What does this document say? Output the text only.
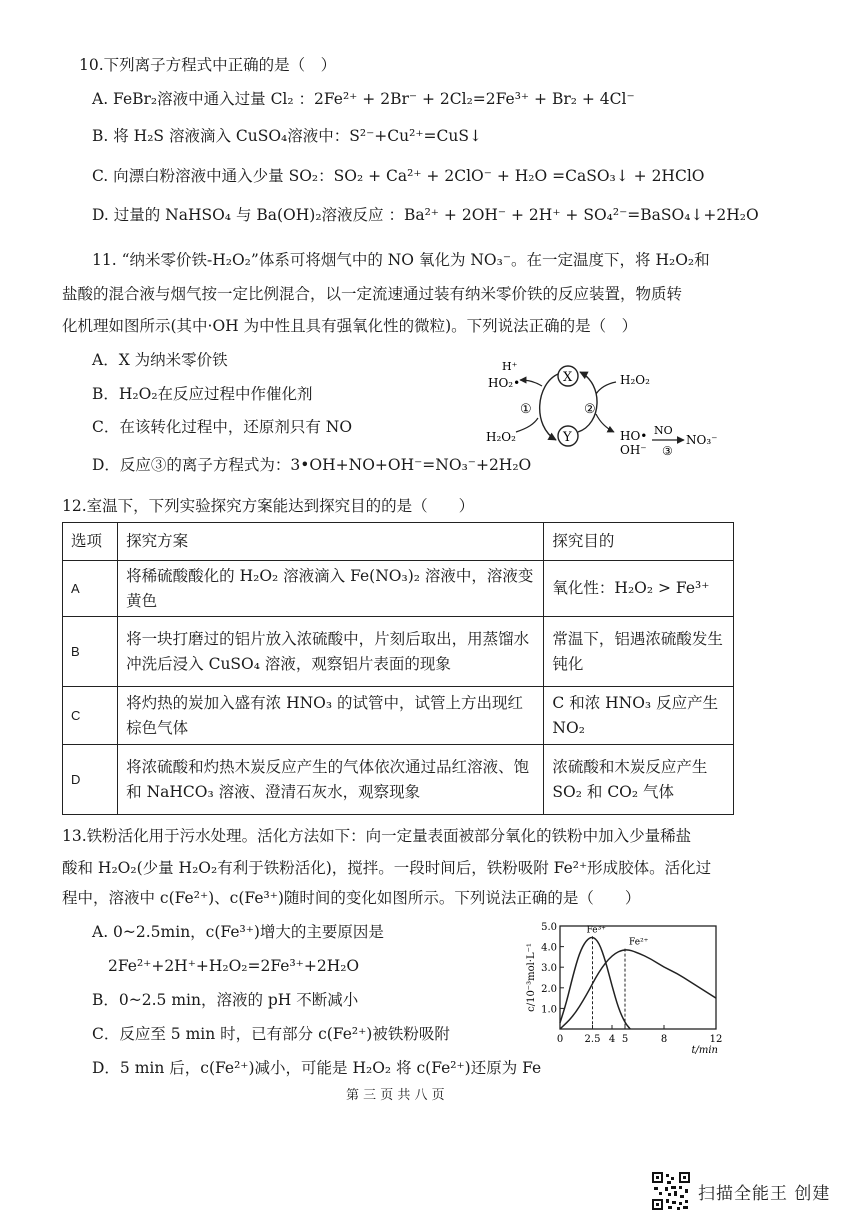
10.下列离子方程式中正确的是（　）
A. FeBr₂溶液中通入过量 Cl₂ ：2Fe²⁺ + 2Br⁻ + 2Cl₂=2Fe³⁺ + Br₂ + 4Cl⁻
B. 将 H₂S 溶液滴入 CuSO₄溶液中：S²⁻+Cu²⁺=CuS↓
C. 向漂白粉溶液中通入少量 SO₂：SO₂ + Ca²⁺ + 2ClO⁻ + H₂O =CaSO₃↓ + 2HClO
D. 过量的 NaHSO₄ 与 Ba(OH)₂溶液反应 ：Ba²⁺ + 2OH⁻ + 2H⁺ + SO₄²⁻=BaSO₄↓+2H₂O
11. “纳米零价铁-H₂O₂”体系可将烟气中的 NO 氧化为 NO₃⁻。在一定温度下，将 H₂O₂和
盐酸的混合液与烟气按一定比例混合，以一定流速通过装有纳米零价铁的反应装置，物质转
化机理如图所示(其中·OH 为中性且具有强氧化性的微粒)。下列说法正确的是（　）
A．X 为纳米零价铁
B．H₂O₂在反应过程中作催化剂
C．在该转化过程中，还原剂只有 NO
D．反应③的离子方程式为：3•OH+NO+OH⁻=NO₃⁻+2H₂O
H⁺
HO₂•
①
H₂O₂
X
Y
②
H₂O₂
HO•
OH⁻
NO
③
NO₃⁻
12.室温下，下列实验探究方案能达到探究目的的是（　　）
选项	探究方案	探究目的
A	将稀硫酸酸化的 H₂O₂ 溶液滴入 Fe(NO₃)₂ 溶液中，溶液变黄色	氧化性：H₂O₂ > Fe³⁺
B	将一块打磨过的铝片放入浓硫酸中，片刻后取出，用蒸馏水冲洗后浸入 CuSO₄ 溶液，观察铝片表面的现象	常温下，铝遇浓硫酸发生钝化
C	将灼热的炭加入盛有浓 HNO₃ 的试管中，试管上方出现红棕色气体	C 和浓 HNO₃ 反应产生 NO₂
D	将浓硫酸和灼热木炭反应产生的气体依次通过品红溶液、饱和 NaHCO₃ 溶液、澄清石灰水，观察现象	浓硫酸和木炭反应产生 SO₂ 和 CO₂ 气体
13.铁粉活化用于污水处理。活化方法如下：向一定量表面被部分氧化的铁粉中加入少量稀盐
酸和 H₂O₂(少量 H₂O₂有利于铁粉活化)，搅拌。一段时间后，铁粉吸附 Fe²⁺形成胶体。活化过
程中，溶液中 c(Fe²⁺)、c(Fe³⁺)随时间的变化如图所示。下列说法正确的是（　　）
A. 0~2.5min，c(Fe³⁺)增大的主要原因是
2Fe²⁺+2H⁺+H₂O₂=2Fe³⁺+2H₂O
B．0~2.5 min，溶液的 pH 不断减小
C．反应至 5 min 时，已有部分 c(Fe²⁺)被铁粉吸附
D．5 min 后，c(Fe²⁺)减小，可能是 H₂O₂ 将 c(Fe²⁺)还原为 Fe
1.0
2.0
3.0
4.0
5.0
0 2.5 4 5	8	12
c/10⁻³mol·L⁻¹
t/min
Fe³⁺
Fe²⁺
第 三 页 共 八 页
扫描全能王 创建
